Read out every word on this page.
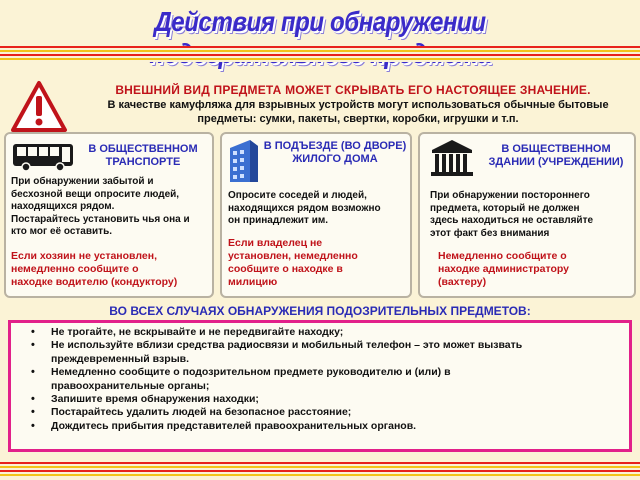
Действия при обнаружении
ВНЕШНИЙ ВИД ПРЕДМЕТА МОЖЕТ СКРЫВАТЬ ЕГО НАСТОЯЩЕЕ ЗНАЧЕНИЕ.
В качестве камуфляжа для взрывных устройств могут использоваться обычные бытовые
предметы: сумки, пакеты, свертки, коробки, игрушки и т.п.
В ОБЩЕСТВЕННОМ
ТРАНСПОРТЕ
При обнаружении забытой и
бесхозной вещи опросите людей,
находящихся рядом.
Постарайтесь установить чья она и
кто мог её оставить.
Если хозяин не установлен,
немедленно сообщите о
находке водителю (кондуктору)
В ПОДЪЕЗДЕ (ВО ДВОРЕ)
ЖИЛОГО ДОМА
Опросите соседей и людей,
находящихся рядом возможно
он принадлежит им.
Если владелец не
установлен, немедленно
сообщите о находке в
милицию
В ОБЩЕСТВЕННОМ
ЗДАНИИ (УЧРЕЖДЕНИИ)
При обнаружении постороннего
предмета, который не должен
здесь находиться не оставляйте
этот факт без внимания
Немедленно сообщите о
находке администратору
(вахтеру)
ВО ВСЕХ СЛУЧАЯХ ОБНАРУЖЕНИЯ ПОДОЗРИТЕЛЬНЫХ ПРЕДМЕТОВ:
• Не трогайте, не вскрывайте и не передвигайте находку;
• Не используйте вблизи средства радиосвязи и мобильный телефон – это может вызвать
преждевременный взрыв.
• Немедленно сообщите о подозрительном предмете руководителю и (или) в
правоохранительные органы;
• Запишите время обнаружения находки;
• Постарайтесь удалить людей на безопасное расстояние;
• Дождитесь прибытия представителей правоохранительных органов.
